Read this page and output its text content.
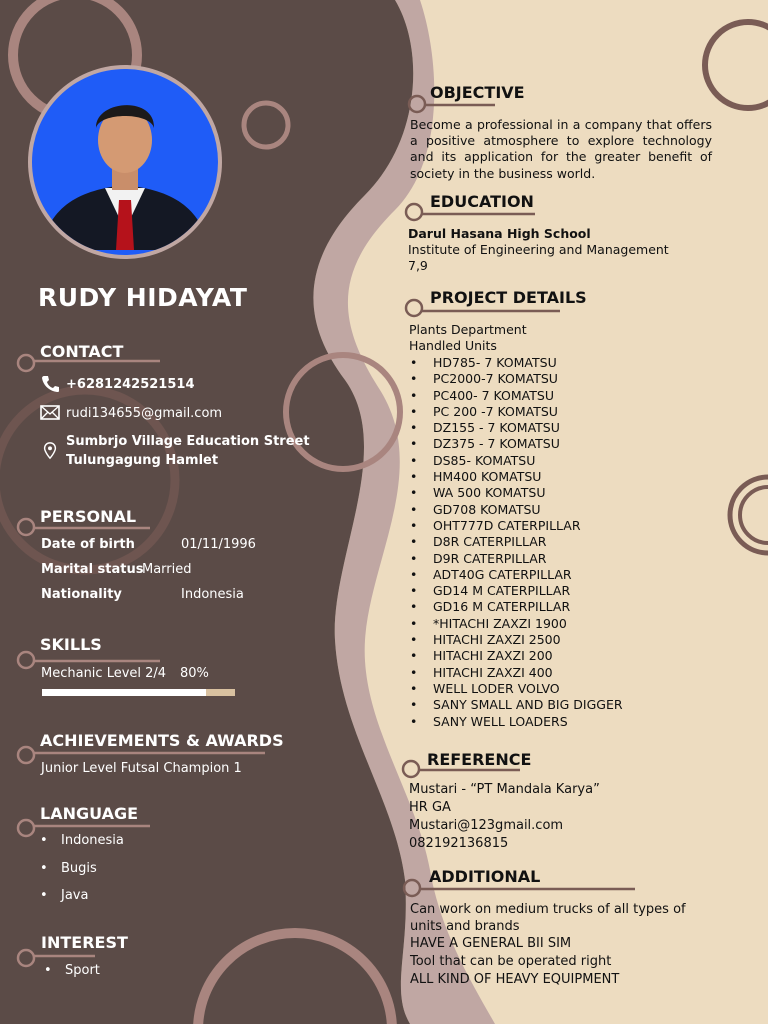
RUDY HIDAYAT
CONTACT
+6281242521514
rudi134655@gmail.com
Sumbrjo Village Education Street
Tulungagung Hamlet
PERSONAL
Date of birth	01/11/1996
Marital status
Married
Nationality	Indonesia
SKILLS
Mechanic Level 2/4 80%
ACHIEVEMENTS & AWARDS
Junior Level Futsal Champion 1
LANGUAGE
• Indonesia
• Bugis
• Java
INTEREST
• Sport
OBJECTIVE
Become a professional in a company that offers a positive atmosphere to explore technology and its application for the greater benefit of society in the business world.
EDUCATION
Darul Hasana High School
Institute of Engineering and Management
7,9
PROJECT DETAILS
Plants Department
Handled Units
• HD785- 7 KOMATSU
• PC2000-7 KOMATSU
• PC400- 7 KOMATSU
• PC 200 -7 KOMATSU
• DZ155 - 7 KOMATSU
• DZ375 - 7 KOMATSU
• DS85- KOMATSU
• HM400 KOMATSU
• WA 500 KOMATSU
• GD708 KOMATSU
• OHT777D CATERPILLAR
• D8R CATERPILLAR
• D9R CATERPILLAR
• ADT40G CATERPILLAR
• GD14 M CATERPILLAR
• GD16 M CATERPILLAR
• *HITACHI ZAXZI 1900
• HITACHI ZAXZI 2500
• HITACHI ZAXZI 200
• HITACHI ZAXZI 400
• WELL LODER VOLVO
• SANY SMALL AND BIG DIGGER
• SANY WELL LOADERS
REFERENCE
Mustari - “PT Mandala Karya”
HR GA
Mustari@123gmail.com
082192136815
ADDITIONAL
Can work on medium trucks of all types of units and brands
HAVE A GENERAL BII SIM
Tool that can be operated right
ALL KIND OF HEAVY EQUIPMENT
